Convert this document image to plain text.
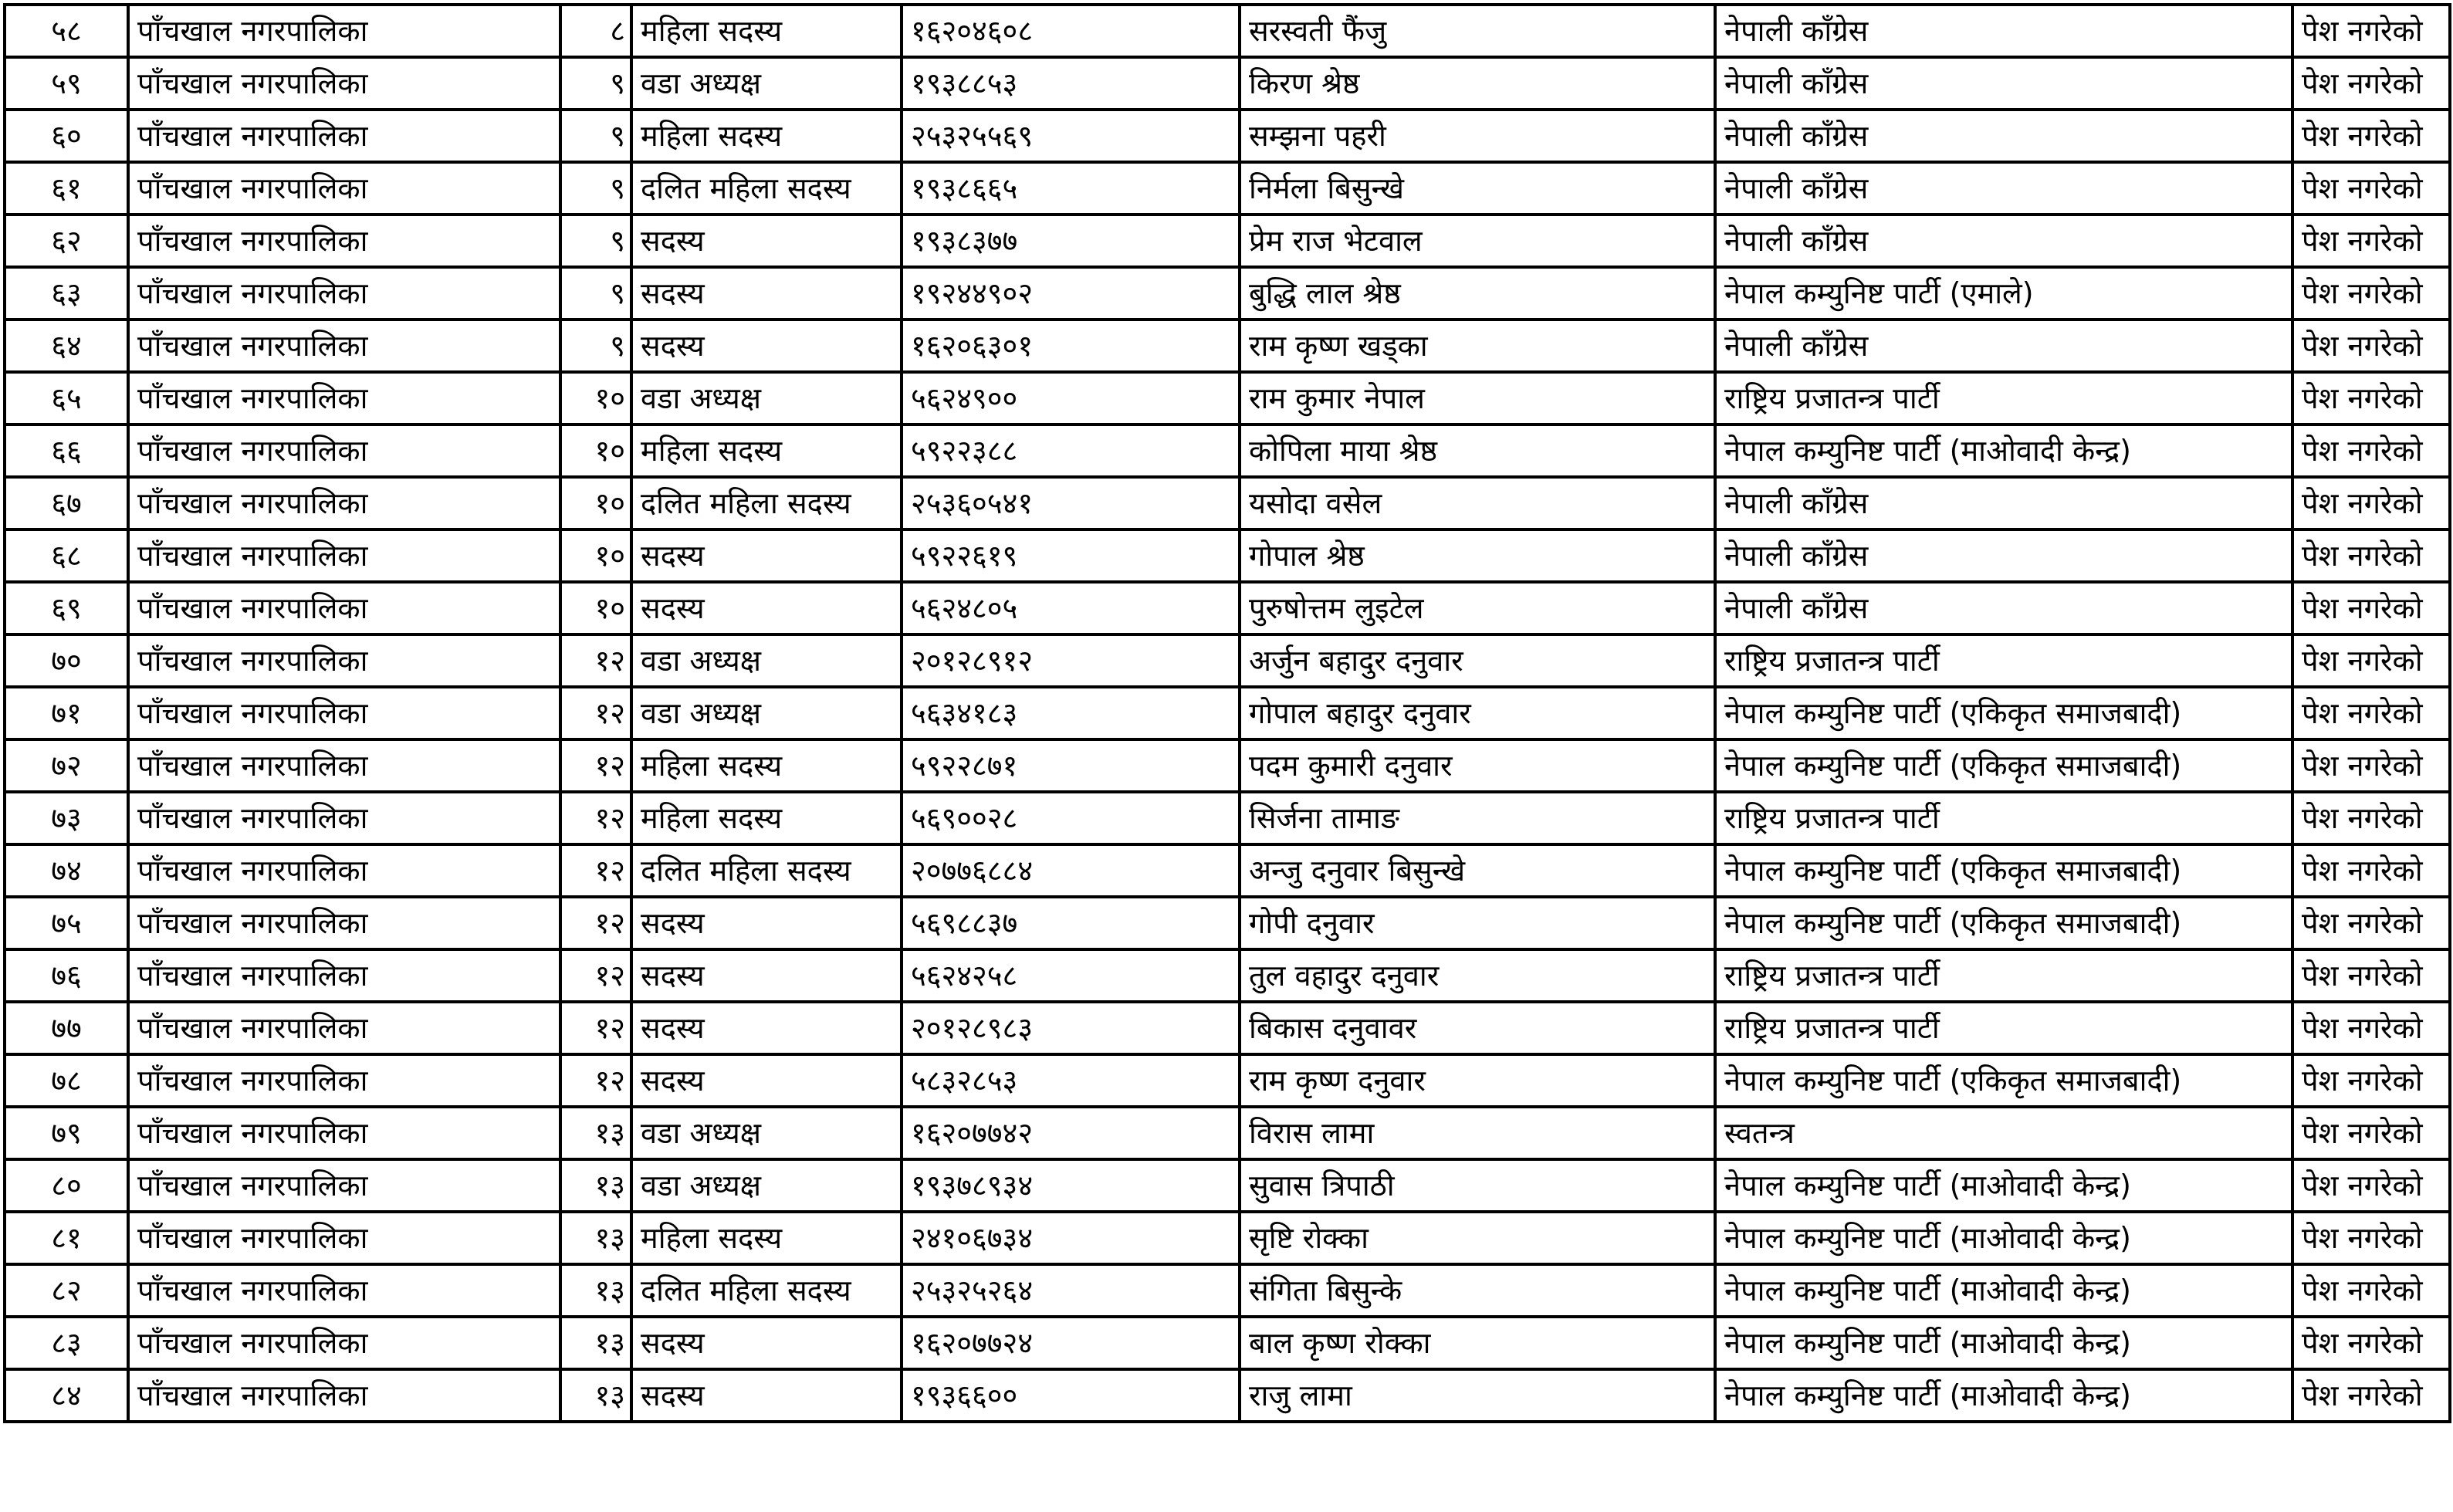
५८	पाँचखाल नगरपालिका	८	महिला सदस्य	१६२०४६०८	सरस्वती फैंजु	नेपाली काँग्रेस	पेश नगरेको
५९	पाँचखाल नगरपालिका	९	वडा अध्यक्ष	१९३८८५३	किरण श्रेष्ठ	नेपाली काँग्रेस	पेश नगरेको
६०	पाँचखाल नगरपालिका	९	महिला सदस्य	२५३२५५६९	सम्झना पहरी	नेपाली काँग्रेस	पेश नगरेको
६१	पाँचखाल नगरपालिका	९	दलित महिला सदस्य	१९३८६६५	निर्मला बिसुन्खे	नेपाली काँग्रेस	पेश नगरेको
६२	पाँचखाल नगरपालिका	९	सदस्य	१९३८३७७	प्रेम राज भेटवाल	नेपाली काँग्रेस	पेश नगरेको
६३	पाँचखाल नगरपालिका	९	सदस्य	१९२४४९०२	बुद्धि लाल श्रेष्ठ	नेपाल कम्युनिष्ट पार्टी (एमाले)	पेश नगरेको
६४	पाँचखाल नगरपालिका	९	सदस्य	१६२०६३०१	राम कृष्ण खड्का	नेपाली काँग्रेस	पेश नगरेको
६५	पाँचखाल नगरपालिका	१०	वडा अध्यक्ष	५६२४९००	राम कुमार नेपाल	राष्ट्रिय प्रजातन्त्र पार्टी	पेश नगरेको
६६	पाँचखाल नगरपालिका	१०	महिला सदस्य	५९२२३८८	कोपिला माया श्रेष्ठ	नेपाल कम्युनिष्ट पार्टी (माओवादी केन्द्र)	पेश नगरेको
६७	पाँचखाल नगरपालिका	१०	दलित महिला सदस्य	२५३६०५४१	यसोदा वसेल	नेपाली काँग्रेस	पेश नगरेको
६८	पाँचखाल नगरपालिका	१०	सदस्य	५९२२६१९	गोपाल श्रेष्ठ	नेपाली काँग्रेस	पेश नगरेको
६९	पाँचखाल नगरपालिका	१०	सदस्य	५६२४८०५	पुरुषोत्तम लुइटेल	नेपाली काँग्रेस	पेश नगरेको
७०	पाँचखाल नगरपालिका	१२	वडा अध्यक्ष	२०१२८९१२	अर्जुन बहादुर दनुवार	राष्ट्रिय प्रजातन्त्र पार्टी	पेश नगरेको
७१	पाँचखाल नगरपालिका	१२	वडा अध्यक्ष	५६३४१८३	गोपाल बहादुर दनुवार	नेपाल कम्युनिष्ट पार्टी (एकिकृत समाजबादी)	पेश नगरेको
७२	पाँचखाल नगरपालिका	१२	महिला सदस्य	५९२२८७१	पदम कुमारी दनुवार	नेपाल कम्युनिष्ट पार्टी (एकिकृत समाजबादी)	पेश नगरेको
७३	पाँचखाल नगरपालिका	१२	महिला सदस्य	५६९००२८	सिर्जना तामाङ	राष्ट्रिय प्रजातन्त्र पार्टी	पेश नगरेको
७४	पाँचखाल नगरपालिका	१२	दलित महिला सदस्य	२०७७६८८४	अन्जु दनुवार बिसुन्खे	नेपाल कम्युनिष्ट पार्टी (एकिकृत समाजबादी)	पेश नगरेको
७५	पाँचखाल नगरपालिका	१२	सदस्य	५६९८८३७	गोपी दनुवार	नेपाल कम्युनिष्ट पार्टी (एकिकृत समाजबादी)	पेश नगरेको
७६	पाँचखाल नगरपालिका	१२	सदस्य	५६२४२५८	तुल वहादुर दनुवार	राष्ट्रिय प्रजातन्त्र पार्टी	पेश नगरेको
७७	पाँचखाल नगरपालिका	१२	सदस्य	२०१२८९८३	बिकास दनुवावर	राष्ट्रिय प्रजातन्त्र पार्टी	पेश नगरेको
७८	पाँचखाल नगरपालिका	१२	सदस्य	५८३२८५३	राम कृष्ण दनुवार	नेपाल कम्युनिष्ट पार्टी (एकिकृत समाजबादी)	पेश नगरेको
७९	पाँचखाल नगरपालिका	१३	वडा अध्यक्ष	१६२०७७४२	विरास लामा	स्वतन्त्र	पेश नगरेको
८०	पाँचखाल नगरपालिका	१३	वडा अध्यक्ष	१९३७८९३४	सुवास त्रिपाठी	नेपाल कम्युनिष्ट पार्टी (माओवादी केन्द्र)	पेश नगरेको
८१	पाँचखाल नगरपालिका	१३	महिला सदस्य	२४१०६७३४	सृष्टि रोक्का	नेपाल कम्युनिष्ट पार्टी (माओवादी केन्द्र)	पेश नगरेको
८२	पाँचखाल नगरपालिका	१३	दलित महिला सदस्य	२५३२५२६४	संगिता बिसुन्के	नेपाल कम्युनिष्ट पार्टी (माओवादी केन्द्र)	पेश नगरेको
८३	पाँचखाल नगरपालिका	१३	सदस्य	१६२०७७२४	बाल कृष्ण रोक्का	नेपाल कम्युनिष्ट पार्टी (माओवादी केन्द्र)	पेश नगरेको
८४	पाँचखाल नगरपालिका	१३	सदस्य	१९३६६००	राजु लामा	नेपाल कम्युनिष्ट पार्टी (माओवादी केन्द्र)	पेश नगरेको
